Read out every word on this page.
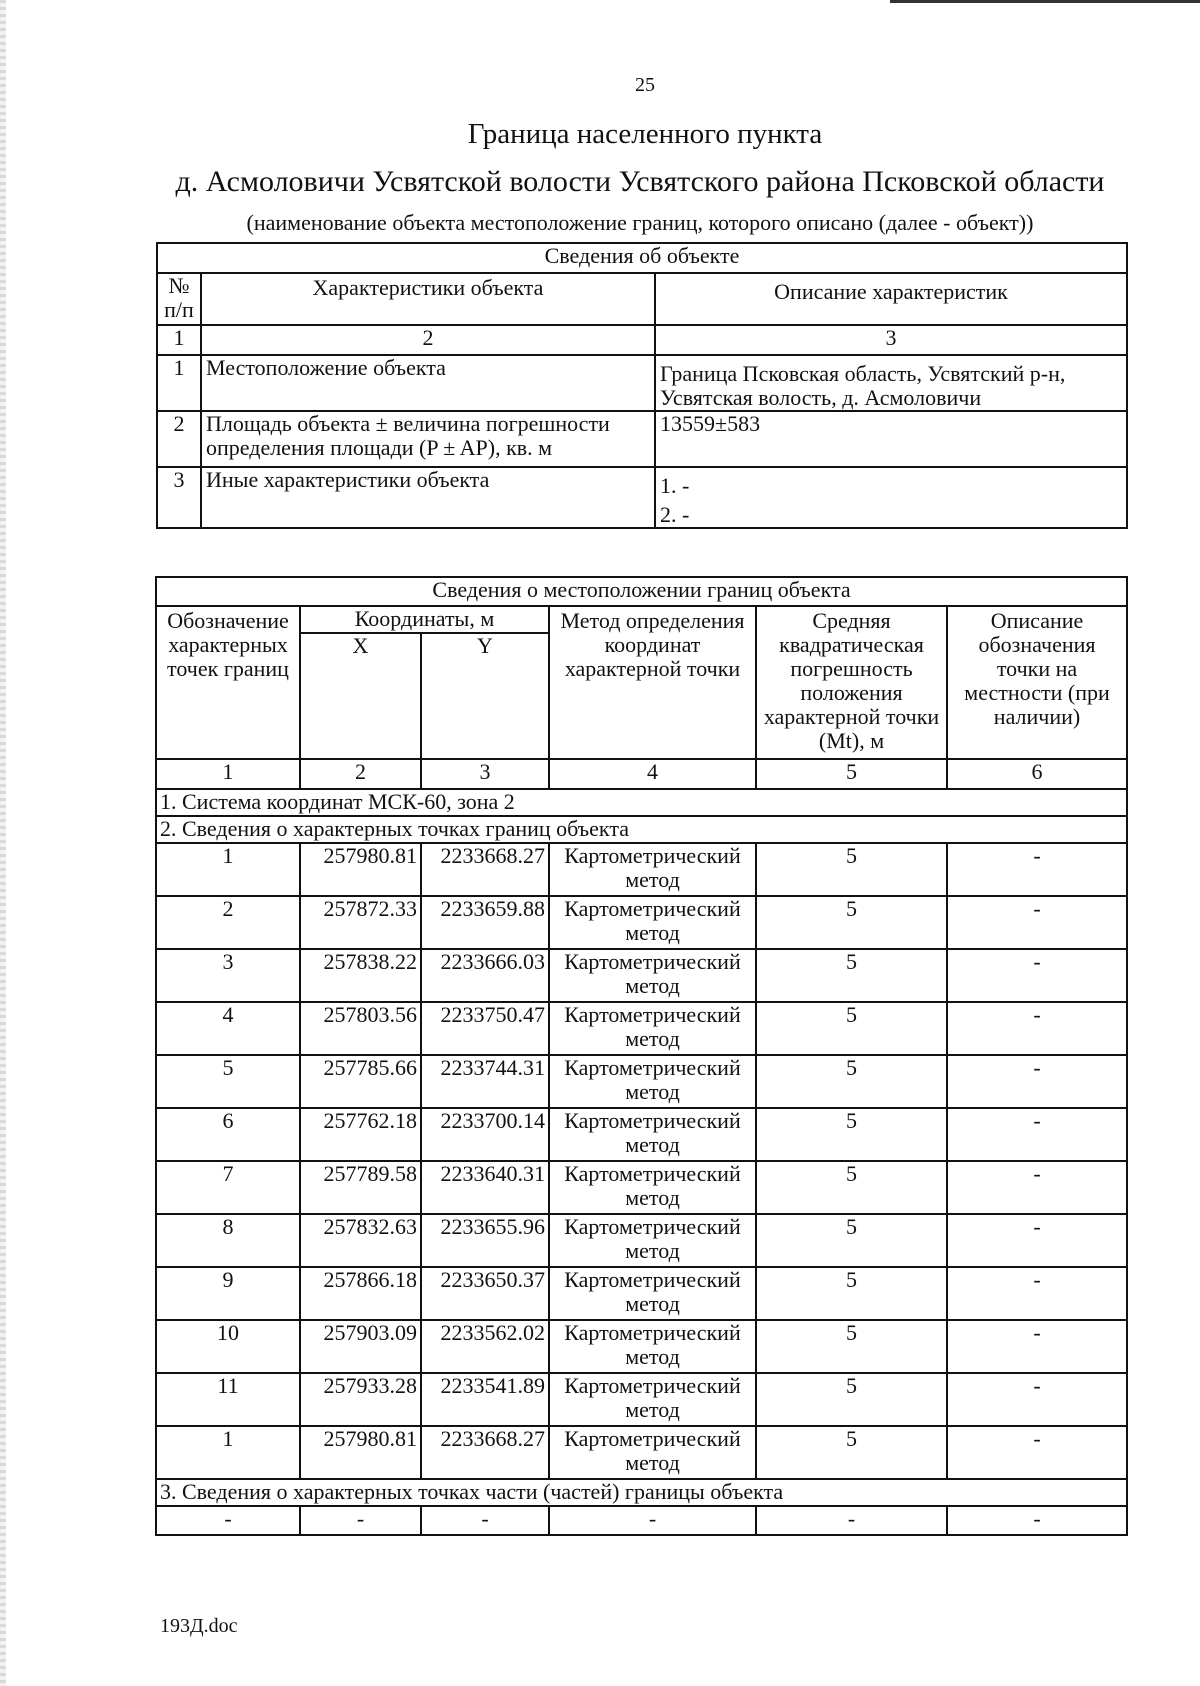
25
Граница населенного пункта
д. Асмоловичи Усвятской волости Усвятского района Псковской области
(наименование объекта местоположение границ, которого описано (далее - объект))
Сведения об объекте		
№ п/п	Характеристики объекта	Описание характеристик
1	2	3
1	Местоположение объекта	Граница Псковская область, Усвятский р-н,
Усвятская волость, д. Асмоловичи

2	Площадь объекта ± величина погрешности
определения площади (P ± AP), кв. м	13559±583
3	Иные характеристики объекта	1. -
2. -
Сведения о местоположении границ объекта					
Обозначение характерных точек границ	Координаты, м		Метод определения координат характерной точки	Средняя квадратическая погрешность положения характерной точки (Mt), м	Описание обозначения точки на местности (при наличии)
	X	Y			
1	2	3	4	5	6
1. Система координат МСК-60, зона 2					
2. Сведения о характерных точках границ объекта					
1	257980.81	2233668.27	Картометрический
метод	5	-
2	257872.33	2233659.88	Картометрический
метод	5	-
3	257838.22	2233666.03	Картометрический
метод	5	-
4	257803.56	2233750.47	Картометрический
метод	5	-
5	257785.66	2233744.31	Картометрический
метод	5	-
6	257762.18	2233700.14	Картометрический
метод	5	-
7	257789.58	2233640.31	Картометрический
метод	5	-
8	257832.63	2233655.96	Картометрический
метод	5	-
9	257866.18	2233650.37	Картометрический
метод	5	-
10	257903.09	2233562.02	Картометрический
метод	5	-
11	257933.28	2233541.89	Картометрический
метод	5	-
1	257980.81	2233668.27	Картометрический
метод	5	-
3. Сведения о характерных точках части (частей) границы объекта					
-	-	-	-	-	-
193Д.doc
